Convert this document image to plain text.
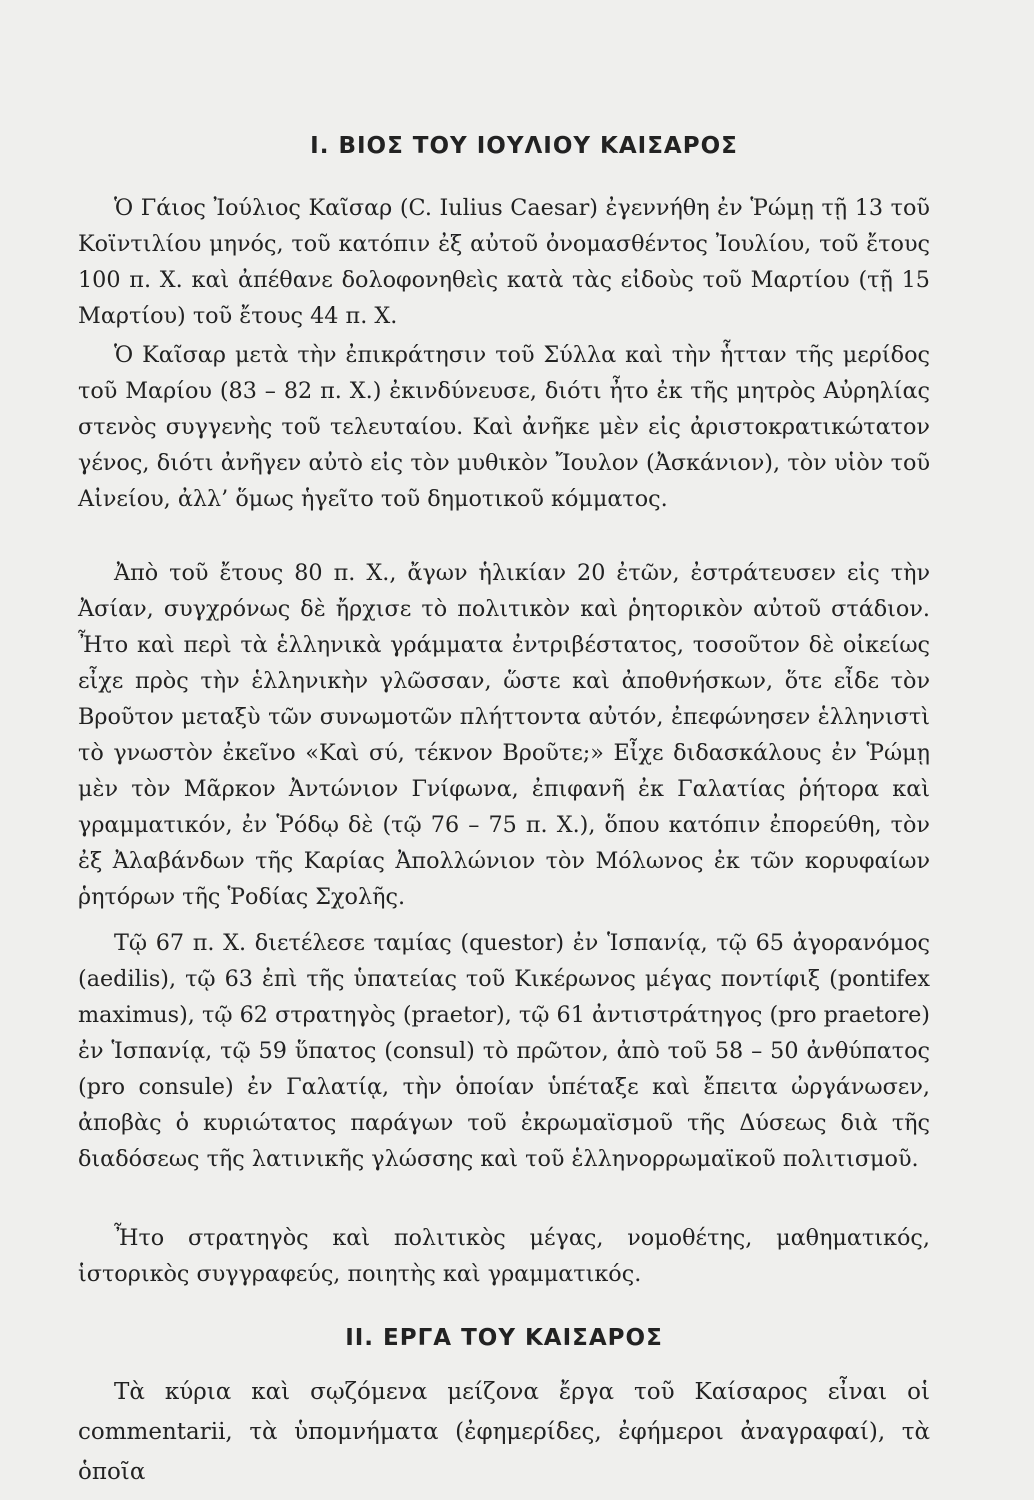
I. ΒΙΟΣ ΤΟΥ ΙΟΥΛΙΟΥ ΚΑΙΣΑΡΟΣ

Ὁ Γάιος Ἰούλιος Καῖσαρ (C. Iulius Caesar) ἐγεννήθη ἐν Ῥώμῃ τῇ 13 τοῦ Κοϊντιλίου μηνός, τοῦ κατόπιν ἐξ αὐτοῦ ὀνομασθέντος Ἰουλίου, τοῦ ἔτους 100 π. Χ. καὶ ἀπέθανε δολοφονηθεὶς κατὰ τὰς εἰδοὺς τοῦ Μαρτίου (τῇ 15 Μαρτίου) τοῦ ἔτους 44 π. Χ.

Ὁ Καῖσαρ μετὰ τὴν ἐπικράτησιν τοῦ Σύλλα καὶ τὴν ἧτταν τῆς μερίδος τοῦ Μαρίου (83 – 82 π. Χ.) ἐκινδύνευσε, διότι ἦτο ἐκ τῆς μητρὸς Αὐρηλίας στενὸς συγγενὴς τοῦ τελευταίου. Καὶ ἀνῆκε μὲν εἰς ἀριστοκρατικώτατον γένος, διότι ἀνῆγεν αὐτὸ εἰς τὸν μυθικὸν Ἴουλον (Ἀσκάνιον), τὸν υἱὸν τοῦ Αἰνείου, ἀλλ’ ὅμως ἡγεῖτο τοῦ δημοτικοῦ κόμματος.

Ἀπὸ τοῦ ἔτους 80 π. Χ., ἄγων ἡλικίαν 20 ἐτῶν, ἐστράτευσεν εἰς τὴν Ἀσίαν, συγχρόνως δὲ ἤρχισε τὸ πολιτικὸν καὶ ῥητορικὸν αὐτοῦ στάδιον. Ἦτο καὶ περὶ τὰ ἑλληνικὰ γράμματα ἐντριβέστατος, τοσοῦτον δὲ οἰκείως εἶχε πρὸς τὴν ἑλληνικὴν γλῶσσαν, ὥστε καὶ ἀποθνήσκων, ὅτε εἶδε τὸν Βροῦτον μεταξὺ τῶν συνωμοτῶν πλήττοντα αὐτόν, ἐπεφώνησεν ἑλληνιστὶ τὸ γνωστὸν ἐκεῖνο «Καὶ σύ, τέκνον Βροῦτε;» Εἶχε διδασκάλους ἐν Ῥώμῃ μὲν τὸν Μᾶρκον Ἀντώνιον Γνίφωνα, ἐπιφανῆ ἐκ Γαλατίας ῥήτορα καὶ γραμματικόν, ἐν Ῥόδῳ δὲ (τῷ 76 – 75 π. Χ.), ὅπου κατόπιν ἐπορεύθη, τὸν ἐξ Ἀλαβάνδων τῆς Καρίας Ἀπολλώνιον τὸν Μόλωνος ἐκ τῶν κορυφαίων ῥητόρων τῆς Ῥοδίας Σχολῆς.

Τῷ 67 π. Χ. διετέλεσε ταμίας (questor) ἐν Ἱσπανίᾳ, τῷ 65 ἀγορανόμος (aedilis), τῷ 63 ἐπὶ τῆς ὑπατείας τοῦ Κικέρωνος μέγας ποντίφιξ (pontifex maximus), τῷ 62 στρατηγὸς (praetor), τῷ 61 ἀντιστράτηγος (pro praetore) ἐν Ἱσπανίᾳ, τῷ 59 ὕπατος (consul) τὸ πρῶτον, ἀπὸ τοῦ 58 – 50 ἀνθύπατος (pro consule) ἐν Γαλατίᾳ, τὴν ὁποίαν ὑπέταξε καὶ ἔπειτα ὠργάνωσεν, ἀποβὰς ὁ κυριώτατος παράγων τοῦ ἐκρωμαϊσμοῦ τῆς Δύσεως διὰ τῆς διαδόσεως τῆς λατινικῆς γλώσσης καὶ τοῦ ἑλληνορρωμαϊκοῦ πολιτισμοῦ.

Ἦτο στρατηγὸς καὶ πολιτικὸς μέγας, νομοθέτης, μαθηματικός, ἱστορικὸς συγγραφεύς, ποιητὴς καὶ γραμματικός.

II. ΕΡΓΑ ΤΟΥ ΚΑΙΣΑΡΟΣ

Τὰ κύρια καὶ σῳζόμενα μείζονα ἔργα τοῦ Καίσαρος εἶναι οἱ commentarii, τὰ ὑπομνήματα (ἐφημερίδες, ἐφήμεροι ἀναγραφαί), τὰ ὁποῖα
